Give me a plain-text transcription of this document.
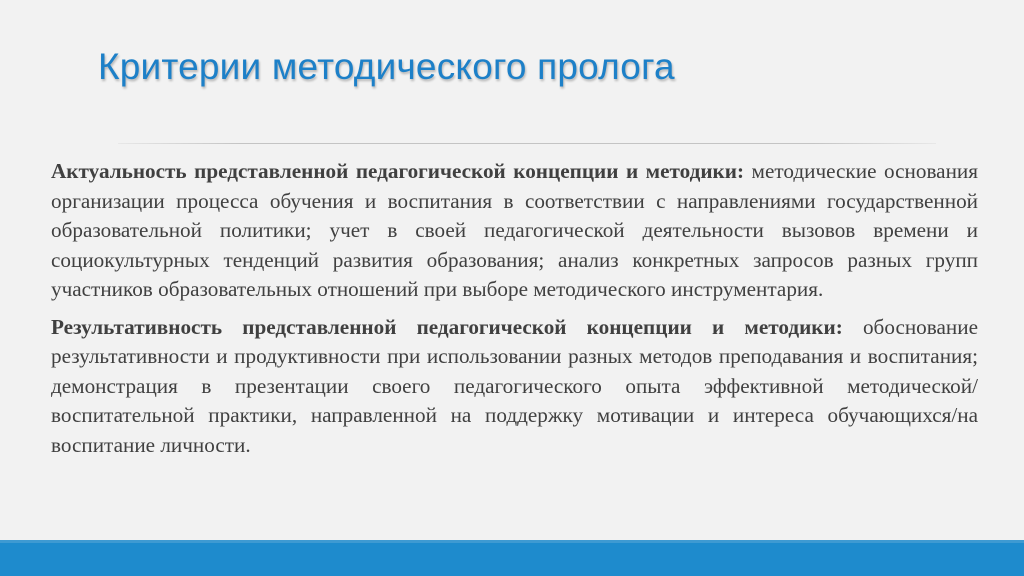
Критерии методического пролога

Актуальность представленной педагогической концепции и методики: методические основания организации процесса обучения и воспитания в соответствии с направлениями государственной образовательной политики; учет в своей педагогической деятельности вызовов времени и социокультурных тенденций развития образования; анализ конкретных запросов разных групп участников образовательных отношений при выборе методического инструментария.

Результативность представленной педагогической концепции и методики: обоснование результативности и продуктивности при использовании разных методов преподавания и воспитания; демонстрация в презентации своего педагогического опыта эффективной методической/воспитательной практики, направленной на поддержку мотивации и интереса обучающихся/на воспитание личности.
